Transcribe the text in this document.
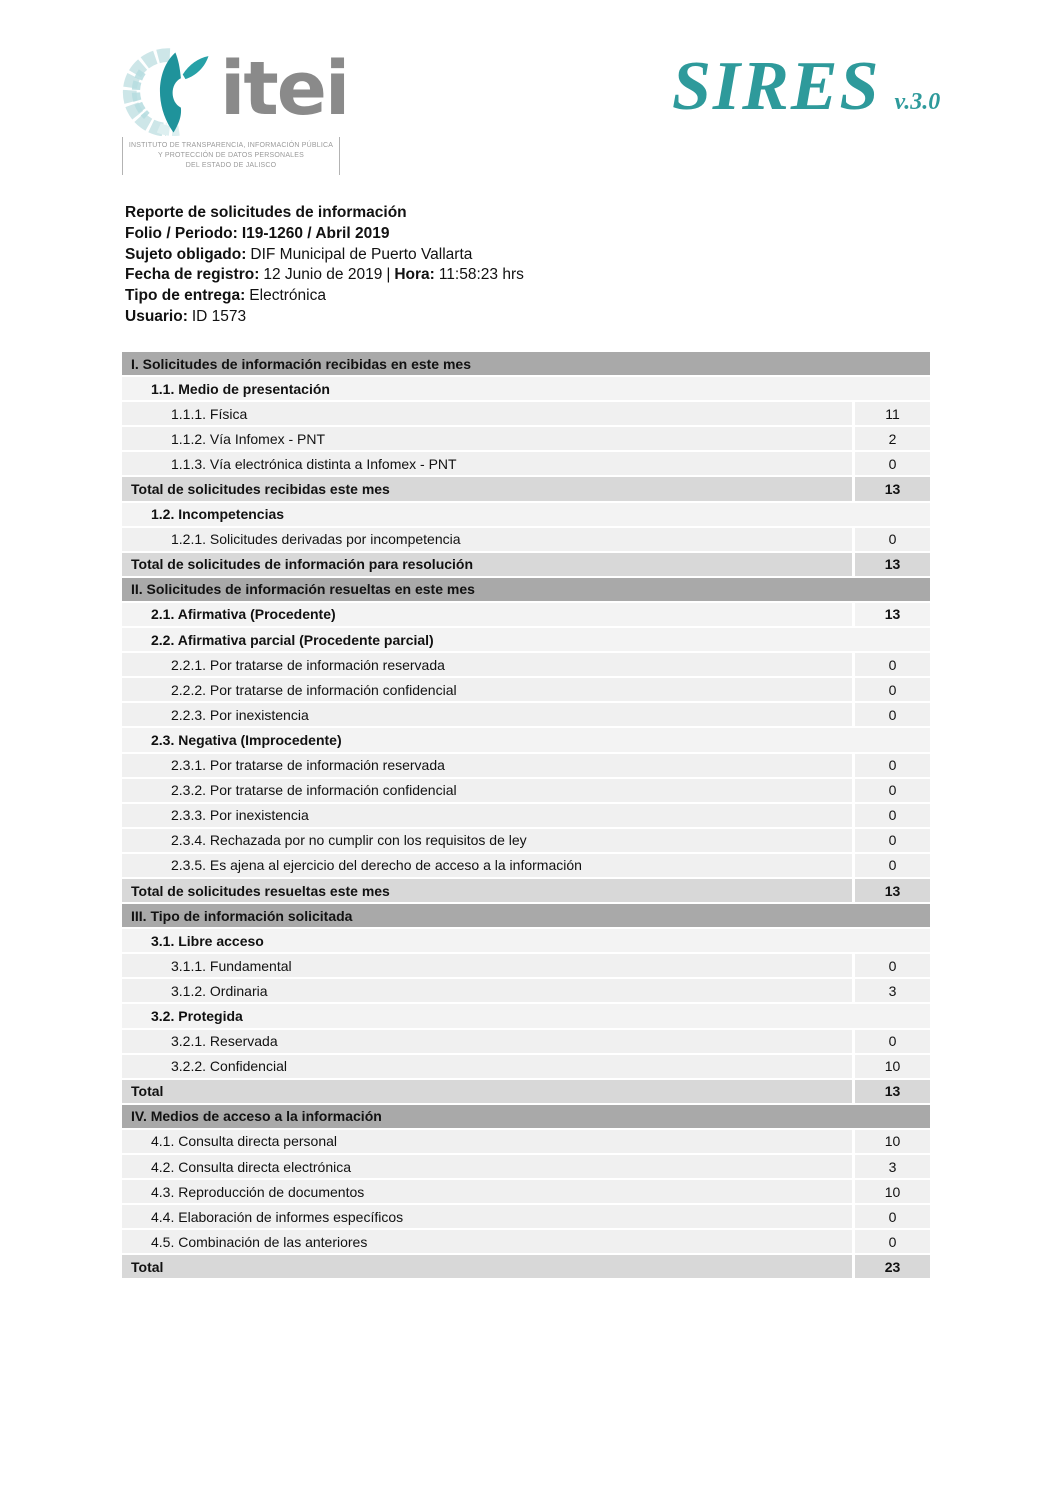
itei
INSTITUTO DE TRANSPARENCIA, INFORMACIÓN PÚBLICA
Y PROTECCIÓN DE DATOS PERSONALES
DEL ESTADO DE JALISCO
SIRES v.3.0
Reporte de solicitudes de información
Folio / Periodo: I19-1260 / Abril 2019
Sujeto obligado: DIF Municipal de Puerto Vallarta
Fecha de registro: 12 Junio de 2019 | Hora: 11:58:23 hrs
Tipo de entrega: Electrónica
Usuario: ID 1573
I. Solicitudes de información recibidas en este mes
1.1. Medio de presentación
1.1.1. Física	11
1.1.2. Vía Infomex - PNT	2
1.1.3. Vía electrónica distinta a Infomex - PNT	0
Total de solicitudes recibidas este mes	13
1.2. Incompetencias
1.2.1. Solicitudes derivadas por incompetencia	0
Total de solicitudes de información para resolución	13
II. Solicitudes de información resueltas en este mes
2.1. Afirmativa (Procedente)	13
2.2. Afirmativa parcial (Procedente parcial)
2.2.1. Por tratarse de información reservada	0
2.2.2. Por tratarse de información confidencial	0
2.2.3. Por inexistencia	0
2.3. Negativa (Improcedente)
2.3.1. Por tratarse de información reservada	0
2.3.2. Por tratarse de información confidencial	0
2.3.3. Por inexistencia	0
2.3.4. Rechazada por no cumplir con los requisitos de ley	0
2.3.5. Es ajena al ejercicio del derecho de acceso a la información	0
Total de solicitudes resueltas este mes	13
III. Tipo de información solicitada
3.1. Libre acceso
3.1.1. Fundamental	0
3.1.2. Ordinaria	3
3.2. Protegida
3.2.1. Reservada	0
3.2.2. Confidencial	10
Total	13
IV. Medios de acceso a la información
4.1. Consulta directa personal	10
4.2. Consulta directa electrónica	3
4.3. Reproducción de documentos	10
4.4. Elaboración de informes específicos	0
4.5. Combinación de las anteriores	0
Total	23
